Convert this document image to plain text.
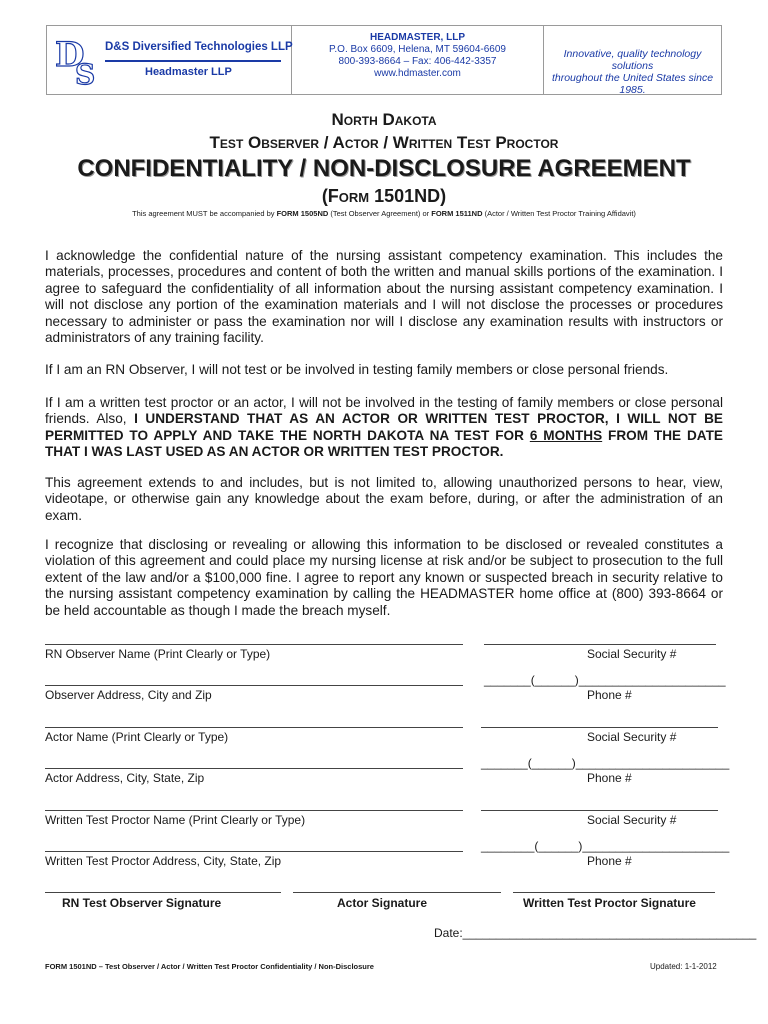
D
S
D&S Diversified Technologies LLP
Headmaster LLP
HEADMASTER, LLP
P.O. Box 6609, Helena, MT 59604-6609
800-393-8664 – Fax: 406-442-3357
www.hdmaster.com
Innovative, quality technology solutions
throughout the United States since 1985.
North Dakota
Test Observer / Actor / Written Test Proctor
CONFIDENTIALITY / NON-DISCLOSURE AGREEMENT
(Form 1501ND)
This agreement MUST be accompanied by FORM 1505ND (Test Observer Agreement) or FORM 1511ND (Actor / Written Test Proctor Training Affidavit)
I acknowledge the confidential nature of the nursing assistant competency examination. This includes the materials, processes, procedures and content of both the written and manual skills portions of the examination. I agree to safeguard the confidentiality of all information about the nursing assistant competency examination. I will not disclose any portion of the examination materials and I will not disclose the processes or procedures necessary to administer or pass the examination nor will I disclose any examination results with instructors or administrators of any training facility.
If I am an RN Observer, I will not test or be involved in testing family members or close personal friends.
If I am a written test proctor or an actor, I will not be involved in the testing of family members or close personal friends. Also, I UNDERSTAND THAT AS AN ACTOR OR WRITTEN TEST PROCTOR, I WILL NOT BE PERMITTED TO APPLY AND TAKE THE NORTH DAKOTA NA TEST FOR 6 MONTHS FROM THE DATE THAT I WAS LAST USED AS AN ACTOR OR WRITTEN TEST PROCTOR.
This agreement extends to and includes, but is not limited to, allowing unauthorized persons to hear, view, videotape, or otherwise gain any knowledge about the exam before, during, or after the administration of an exam.
I recognize that disclosing or revealing or allowing this information to be disclosed or revealed constitutes a violation of this agreement and could place my nursing license at risk and/or be subject to prosecution to the full extent of the law and/or a $100,000 fine. I agree to report any known or suspected breach in security relative to the nursing assistant competency examination by calling the HEADMASTER home office at (800) 393-8664 or be held accountable as though I made the breach myself.
RN Observer Name (Print Clearly or Type)	Social Security #
_______(______)______________________
Observer Address, City and Zip	Phone #
Actor Name (Print Clearly or Type)	Social Security #
_______(______)_______________________
Actor Address, City, State, Zip	Phone #
Written Test Proctor Name (Print Clearly or Type)	Social Security #
________(______)______________________
Written Test Proctor Address, City, State, Zip	Phone #
RN Test Observer Signature	Actor Signature	Written Test Proctor Signature
Date:____________________________________________
FORM 1501ND – Test Observer / Actor / Written Test Proctor Confidentiality / Non-Disclosure	Updated: 1-1-2012
